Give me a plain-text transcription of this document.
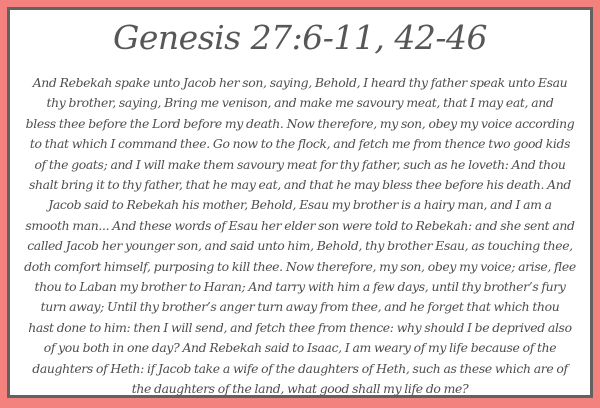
Genesis 27:6-11, 42-46
And Rebekah spake unto Jacob her son, saying, Behold, I heard thy father speak unto Esau
thy brother, saying, Bring me venison, and make me savoury meat, that I may eat, and
bless thee before the Lord before my death. Now therefore, my son, obey my voice according
to that which I command thee. Go now to the flock, and fetch me from thence two good kids
of the goats; and I will make them savoury meat for thy father, such as he loveth: And thou
shalt bring it to thy father, that he may eat, and that he may bless thee before his death. And
Jacob said to Rebekah his mother, Behold, Esau my brother is a hairy man, and I am a
smooth man... And these words of Esau her elder son were told to Rebekah: and she sent and
called Jacob her younger son, and said unto him, Behold, thy brother Esau, as touching thee,
doth comfort himself, purposing to kill thee. Now therefore, my son, obey my voice; arise, flee
thou to Laban my brother to Haran; And tarry with him a few days, until thy brother’s fury
turn away; Until thy brother’s anger turn away from thee, and he forget that which thou
hast done to him: then I will send, and fetch thee from thence: why should I be deprived also
of you both in one day? And Rebekah said to Isaac, I am weary of my life because of the
daughters of Heth: if Jacob take a wife of the daughters of Heth, such as these which are of
the daughters of the land, what good shall my life do me?
